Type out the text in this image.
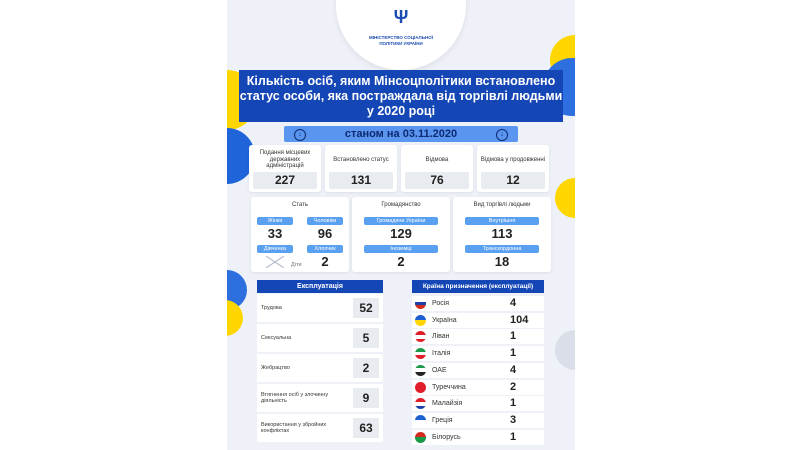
Ψ
МІНІСТЕРСТВО СОЦІАЛЬНОЇ ПОЛІТИКИ УКРАЇНИ
Кількість осіб, яким Мінсоцполітики встановлено статус особи, яка постраждала від торгівлі людьми у 2020 році
↓	станом на 03.11.2020	↓
Подання місцевих державних адміністрацій
227
Встановлено статус
131
Відмова
76
Відмова у продовженні
12
Стать
Жінки	Чоловіки
33	96
Дівчинка	Хлопчик
Діти	2
Громадянство
Громадяни України
129
Іноземці
2
Вид торгівлі людьми
Внутрішня
113
Транскордонна
18
Експлуатація
Трудова	52
Сексуальна	5
Жебрацтво	2
Втягнення осіб у злочинну діяльність	9
Використання у збройних конфліктах	63
Країна призначення (експлуатації)
Росія	4
Україна	104
Ліван	1
Італія	1
ОАЕ	4
Туреччина	2
Малайзія	1
Греція	3
Білорусь	1
